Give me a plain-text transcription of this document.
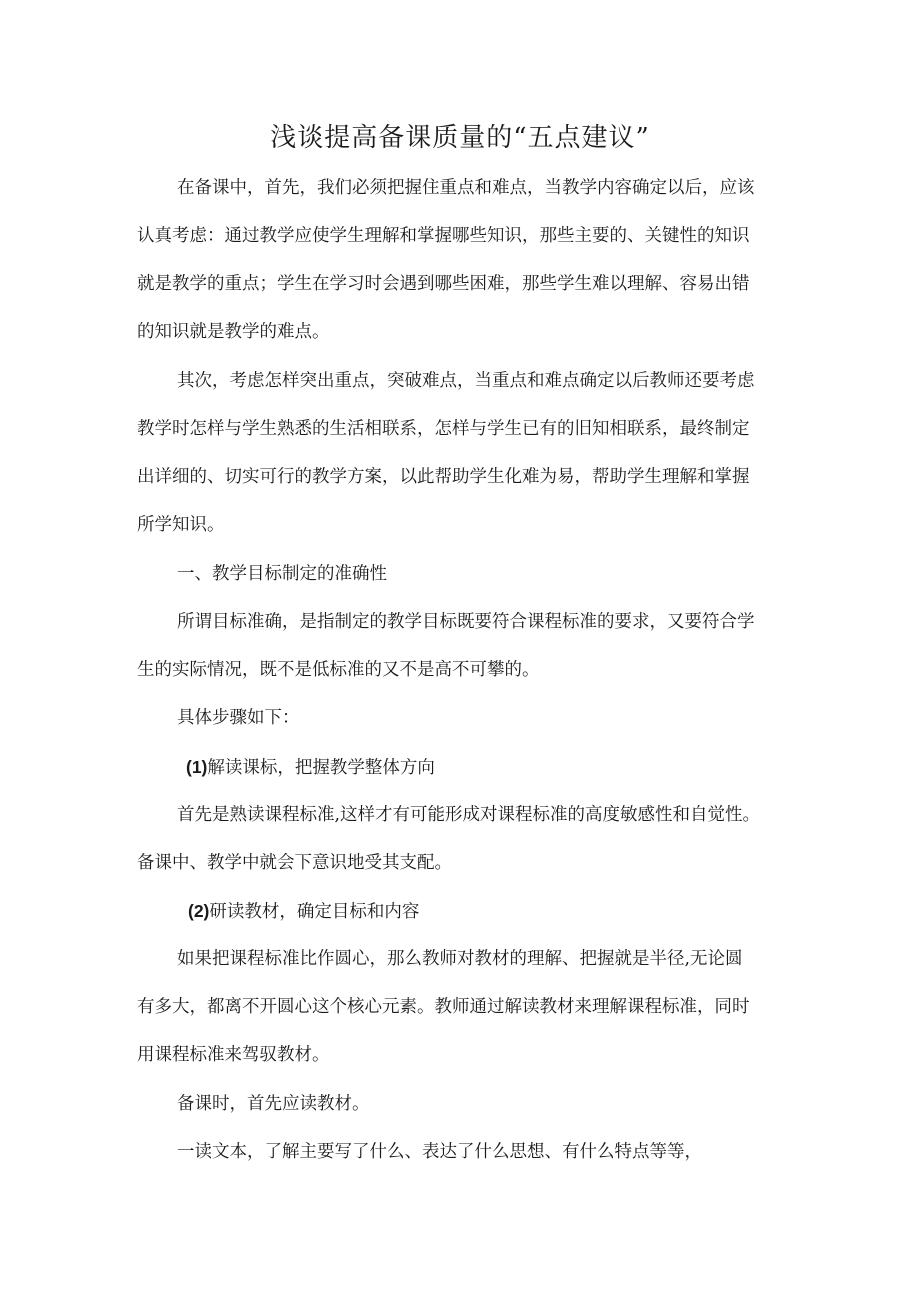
浅谈提高备课质量的“五点建议”

在备课中，首先，我们必须把握住重点和难点，当教学内容确定以后，应该

认真考虑：通过教学应使学生理解和掌握哪些知识，那些主要的、关键性的知识

就是教学的重点；学生在学习时会遇到哪些困难，那些学生难以理解、容易出错

的知识就是教学的难点。

其次，考虑怎样突出重点，突破难点，当重点和难点确定以后教师还要考虑

教学时怎样与学生熟悉的生活相联系，怎样与学生已有的旧知相联系，最终制定

出详细的、切实可行的教学方案，以此帮助学生化难为易，帮助学生理解和掌握

所学知识。

一、教学目标制定的准确性

所谓目标准确，是指制定的教学目标既要符合课程标准的要求，又要符合学

生的实际情况，既不是低标准的又不是高不可攀的。

具体步骤如下：

(1)解读课标，把握教学整体方向

首先是熟读课程标准,这样才有可能形成对课程标准的高度敏感性和自觉性。

备课中、教学中就会下意识地受其支配。

(2)研读教材，确定目标和内容

如果把课程标准比作圆心，那么教师对教材的理解、把握就是半径,无论圆

有多大，都离不开圆心这个核心元素。教师通过解读教材来理解课程标准，同时

用课程标准来驾驭教材。

备课时，首先应读教材。

一读文本，了解主要写了什么、表达了什么思想、有什么特点等等，
